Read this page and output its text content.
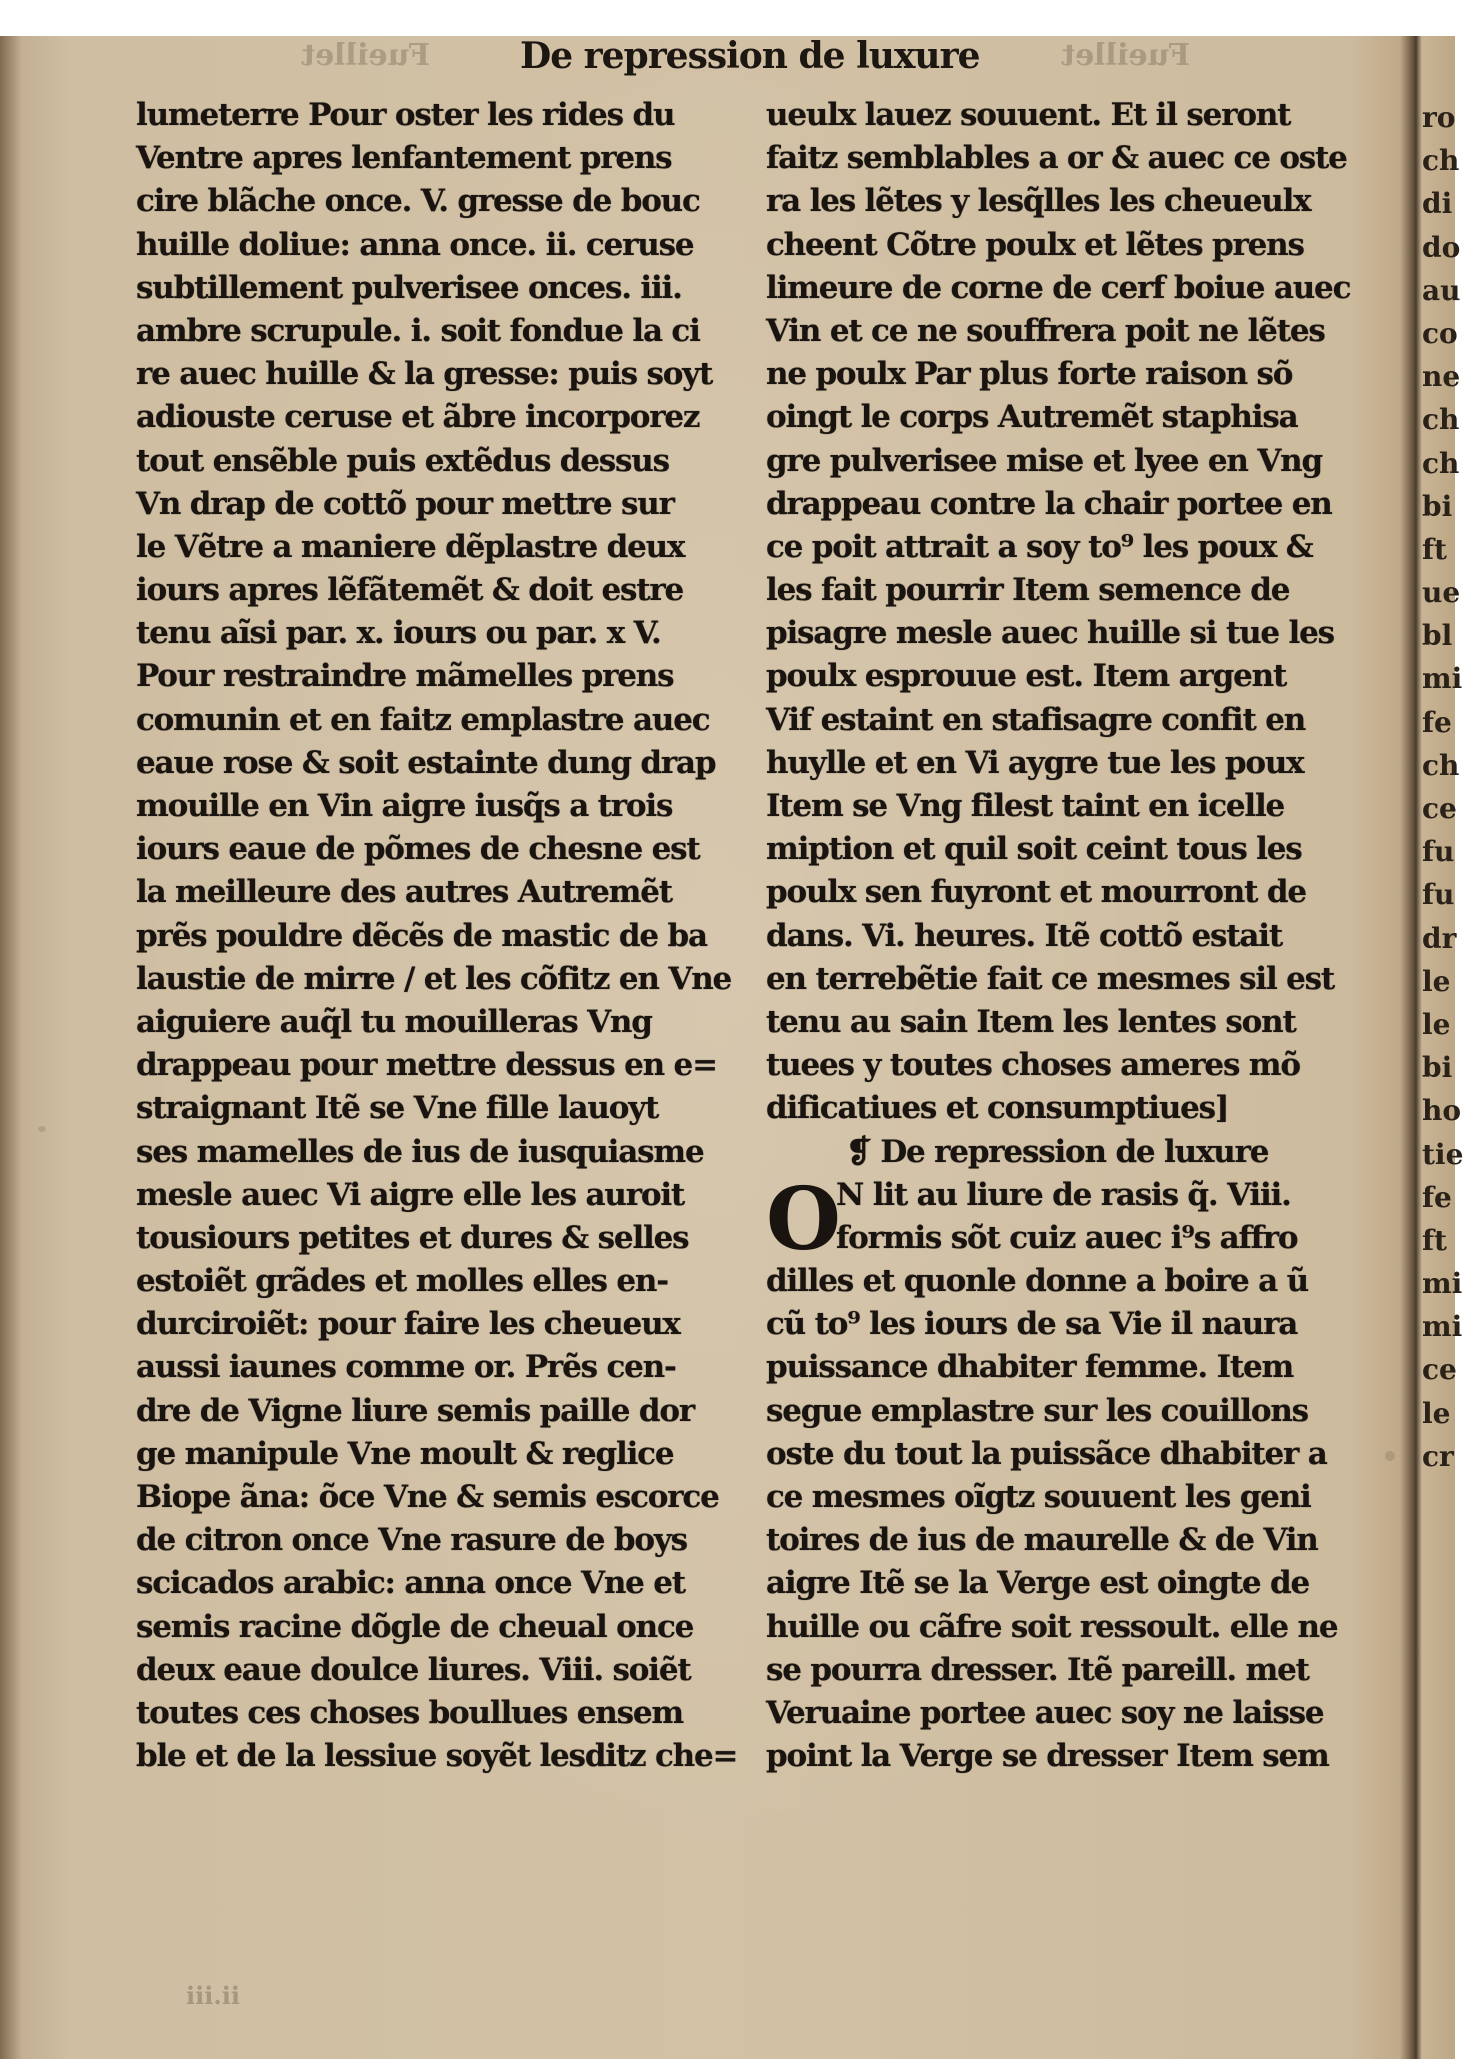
Fueillet	Fueillet
De repression de luxure
lumeterre Pour oster les rides du
Ventre apres lenfantement prens
cire blãche once. V. gresse de bouc
huille doliue: anna once. ii. ceruse
subtillement pulverisee onces. iii.
ambre scrupule. i. soit fondue la ci
re auec huille & la gresse: puis soyt
adiouste ceruse et ãbre incorporez
tout ensẽble puis extẽdus dessus
Vn drap de cottõ pour mettre sur
le Vẽtre a maniere dẽplastre deux
iours apres lẽfãtemẽt & doit estre
tenu aĩsi par. x. iours ou par. x V.
Pour restraindre mãmelles prens
comunin et en faitz emplastre auec
eaue rose & soit estainte dung drap
mouille en Vin aigre iusq̃s a trois
iours eaue de põmes de chesne est
la meilleure des autres Autremẽt
prẽs pouldre dẽcẽs de mastic de ba
laustie de mirre / et les cõfitz en Vne
aiguiere auq̃l tu mouilleras Vng
drappeau pour mettre dessus en e=
straignant Itẽ se Vne fille lauoyt
ses mamelles de ius de iusquiasme
mesle auec Vi aigre elle les auroit
tousiours petites et dures & selles
estoiẽt grãdes et molles elles en-
durciroiẽt: pour faire les cheueux
aussi iaunes comme or. Prẽs cen-
dre de Vigne liure semis paille dor
ge manipule Vne moult & reglice
Biope ãna: õce Vne & semis escorce
de citron once Vne rasure de boys
scicados arabic: anna once Vne et
semis racine dõgle de cheual once
deux eaue doulce liures. Viii. soiẽt
toutes ces choses boullues ensem
ble et de la lessiue soyẽt lesditz che=
ueulx lauez souuent. Et il seront
faitz semblables a or & auec ce oste
ra les lẽtes y lesq̃lles les cheueulx
cheent Cõtre poulx et lẽtes prens
limeure de corne de cerf boiue auec
Vin et ce ne souffrera poit ne lẽtes
ne poulx Par plus forte raison sõ
oingt le corps Autremẽt staphisa
gre pulverisee mise et lyee en Vng
drappeau contre la chair portee en
ce poit attrait a soy to⁹ les poux &
les fait pourrir Item semence de
pisagre mesle auec huille si tue les
poulx esprouue est. Item argent
Vif estaint en stafisagre confit en
huylle et en Vi aygre tue les poux
Item se Vng filest taint en icelle
miption et quil soit ceint tous les
poulx sen fuyront et mourront de
dans. Vi. heures. Itẽ cottõ estait
en terrebẽtie fait ce mesmes sil est
tenu au sain Item les lentes sont
tuees y toutes choses ameres mõ
dificatiues et consumptiues]
❡ De repression de luxure
O
N lit au liure de rasis q̃. Viii.
formis sõt cuiz auec i⁹s affro
dilles et quonle donne a boire a ũ
cũ to⁹ les iours de sa Vie il naura
puissance dhabiter femme. Item
segue emplastre sur les couillons
oste du tout la puissãce dhabiter a
ce mesmes oĩgtz souuent les geni
toires de ius de maurelle & de Vin
aigre Itẽ se la Verge est oingte de
huille ou cãfre soit ressoult. elle ne
se pourra dresser. Itẽ pareill. met
Veruaine portee auec soy ne laisse
point la Verge se dresser Item sem
ro
ch
di
do
au
co
ne
ch
ch
bi
ft
ue
bl
mi
fe
ch
ce
fu
fu
dr
le
le
bi
ho
tie
fe
ft
mi
mi
ce
le
cr
iii.ii
